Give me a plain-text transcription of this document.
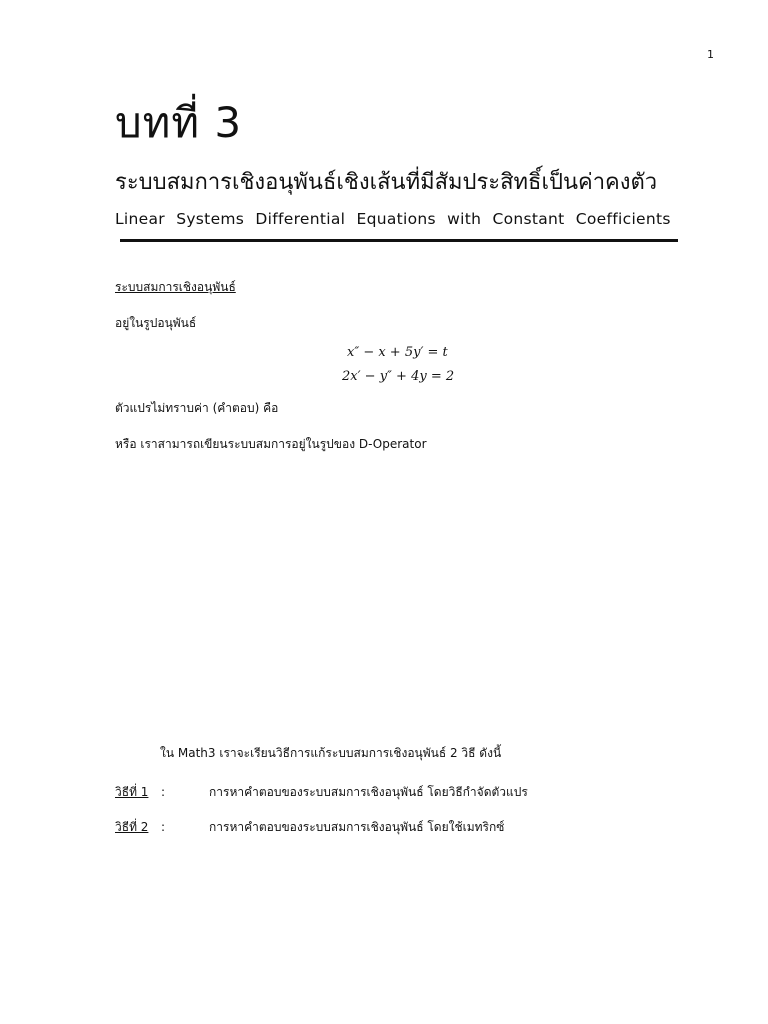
1
บทที่ 3
ระบบสมการเชิงอนุพันธ์เชิงเส้นที่มีสัมประสิทธิ์เป็นค่าคงตัว
Linear Systems Differential Equations with Constant Coefficients
ระบบสมการเชิงอนุพันธ์
อยู่ในรูปอนุพันธ์
x″ − x + 5y′ = t
2x′ − y″ + 4y = 2
ตัวแปรไม่ทราบค่า (คำตอบ) คือ
หรือ เราสามารถเขียนระบบสมการอยู่ในรูปของ D-Operator
ใน Math3 เราจะเรียนวิธีการแก้ระบบสมการเชิงอนุพันธ์ 2 วิธี ดังนี้
วิธีที่ 1 :	การหาคำตอบของระบบสมการเชิงอนุพันธ์ โดยวิธีกำจัดตัวแปร
วิธีที่ 2 :	การหาคำตอบของระบบสมการเชิงอนุพันธ์ โดยใช้เมทริกซ์
